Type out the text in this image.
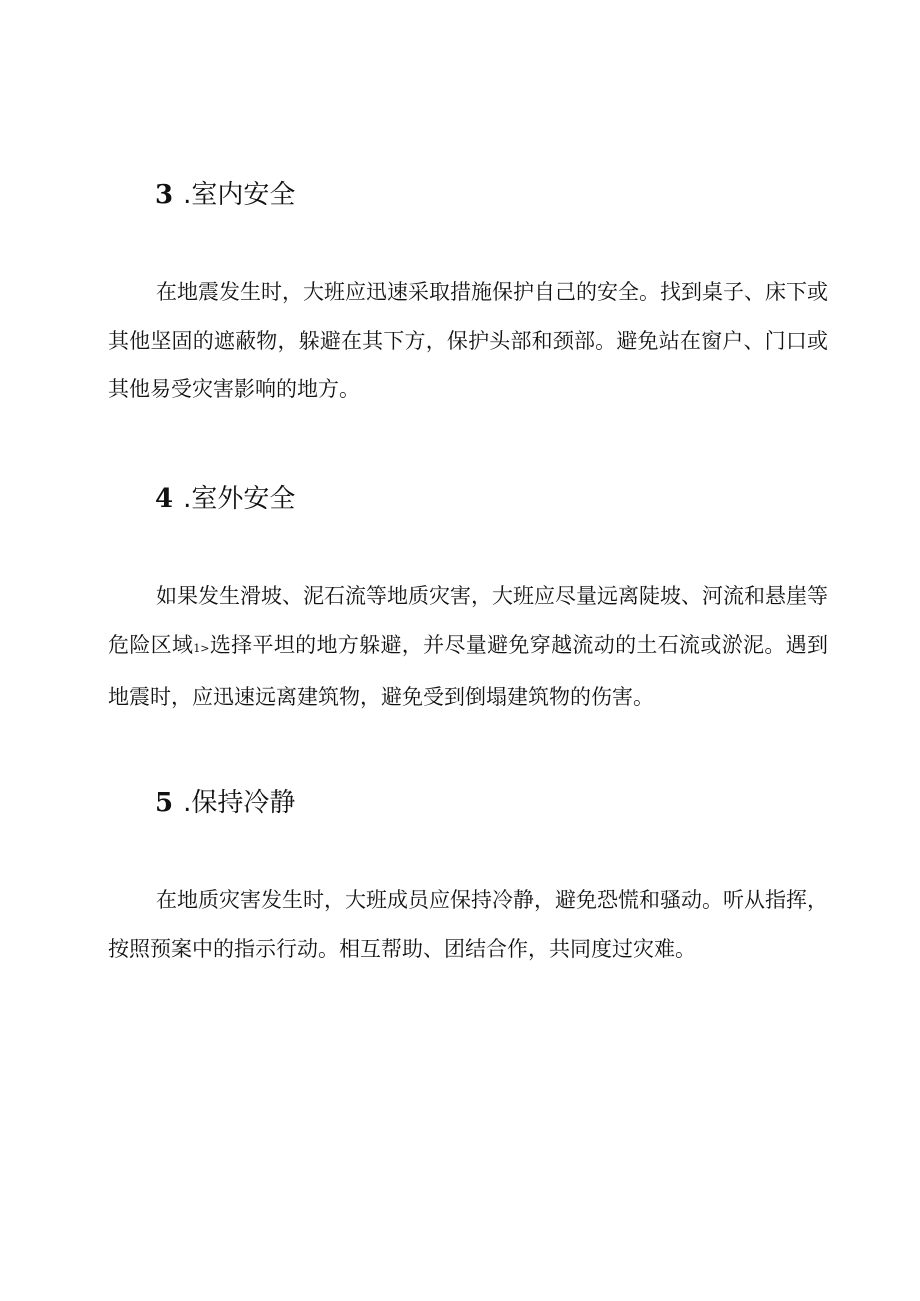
3 .室内安全

在地震发生时，大班应迅速采取措施保护自己的安全。找到桌子、床下或其他坚固的遮蔽物，躲避在其下方，保护头部和颈部。避免站在窗户、门口或其他易受灾害影响的地方。

4 .室外安全

如果发生滑坡、泥石流等地质灾害，大班应尽量远离陡坡、河流和悬崖等危险区域1>选择平坦的地方躲避，并尽量避免穿越流动的土石流或淤泥。遇到地震时，应迅速远离建筑物，避免受到倒塌建筑物的伤害。

5 .保持冷静

在地质灾害发生时，大班成员应保持冷静，避免恐慌和骚动。听从指挥，按照预案中的指示行动。相互帮助、团结合作，共同度过灾难。
